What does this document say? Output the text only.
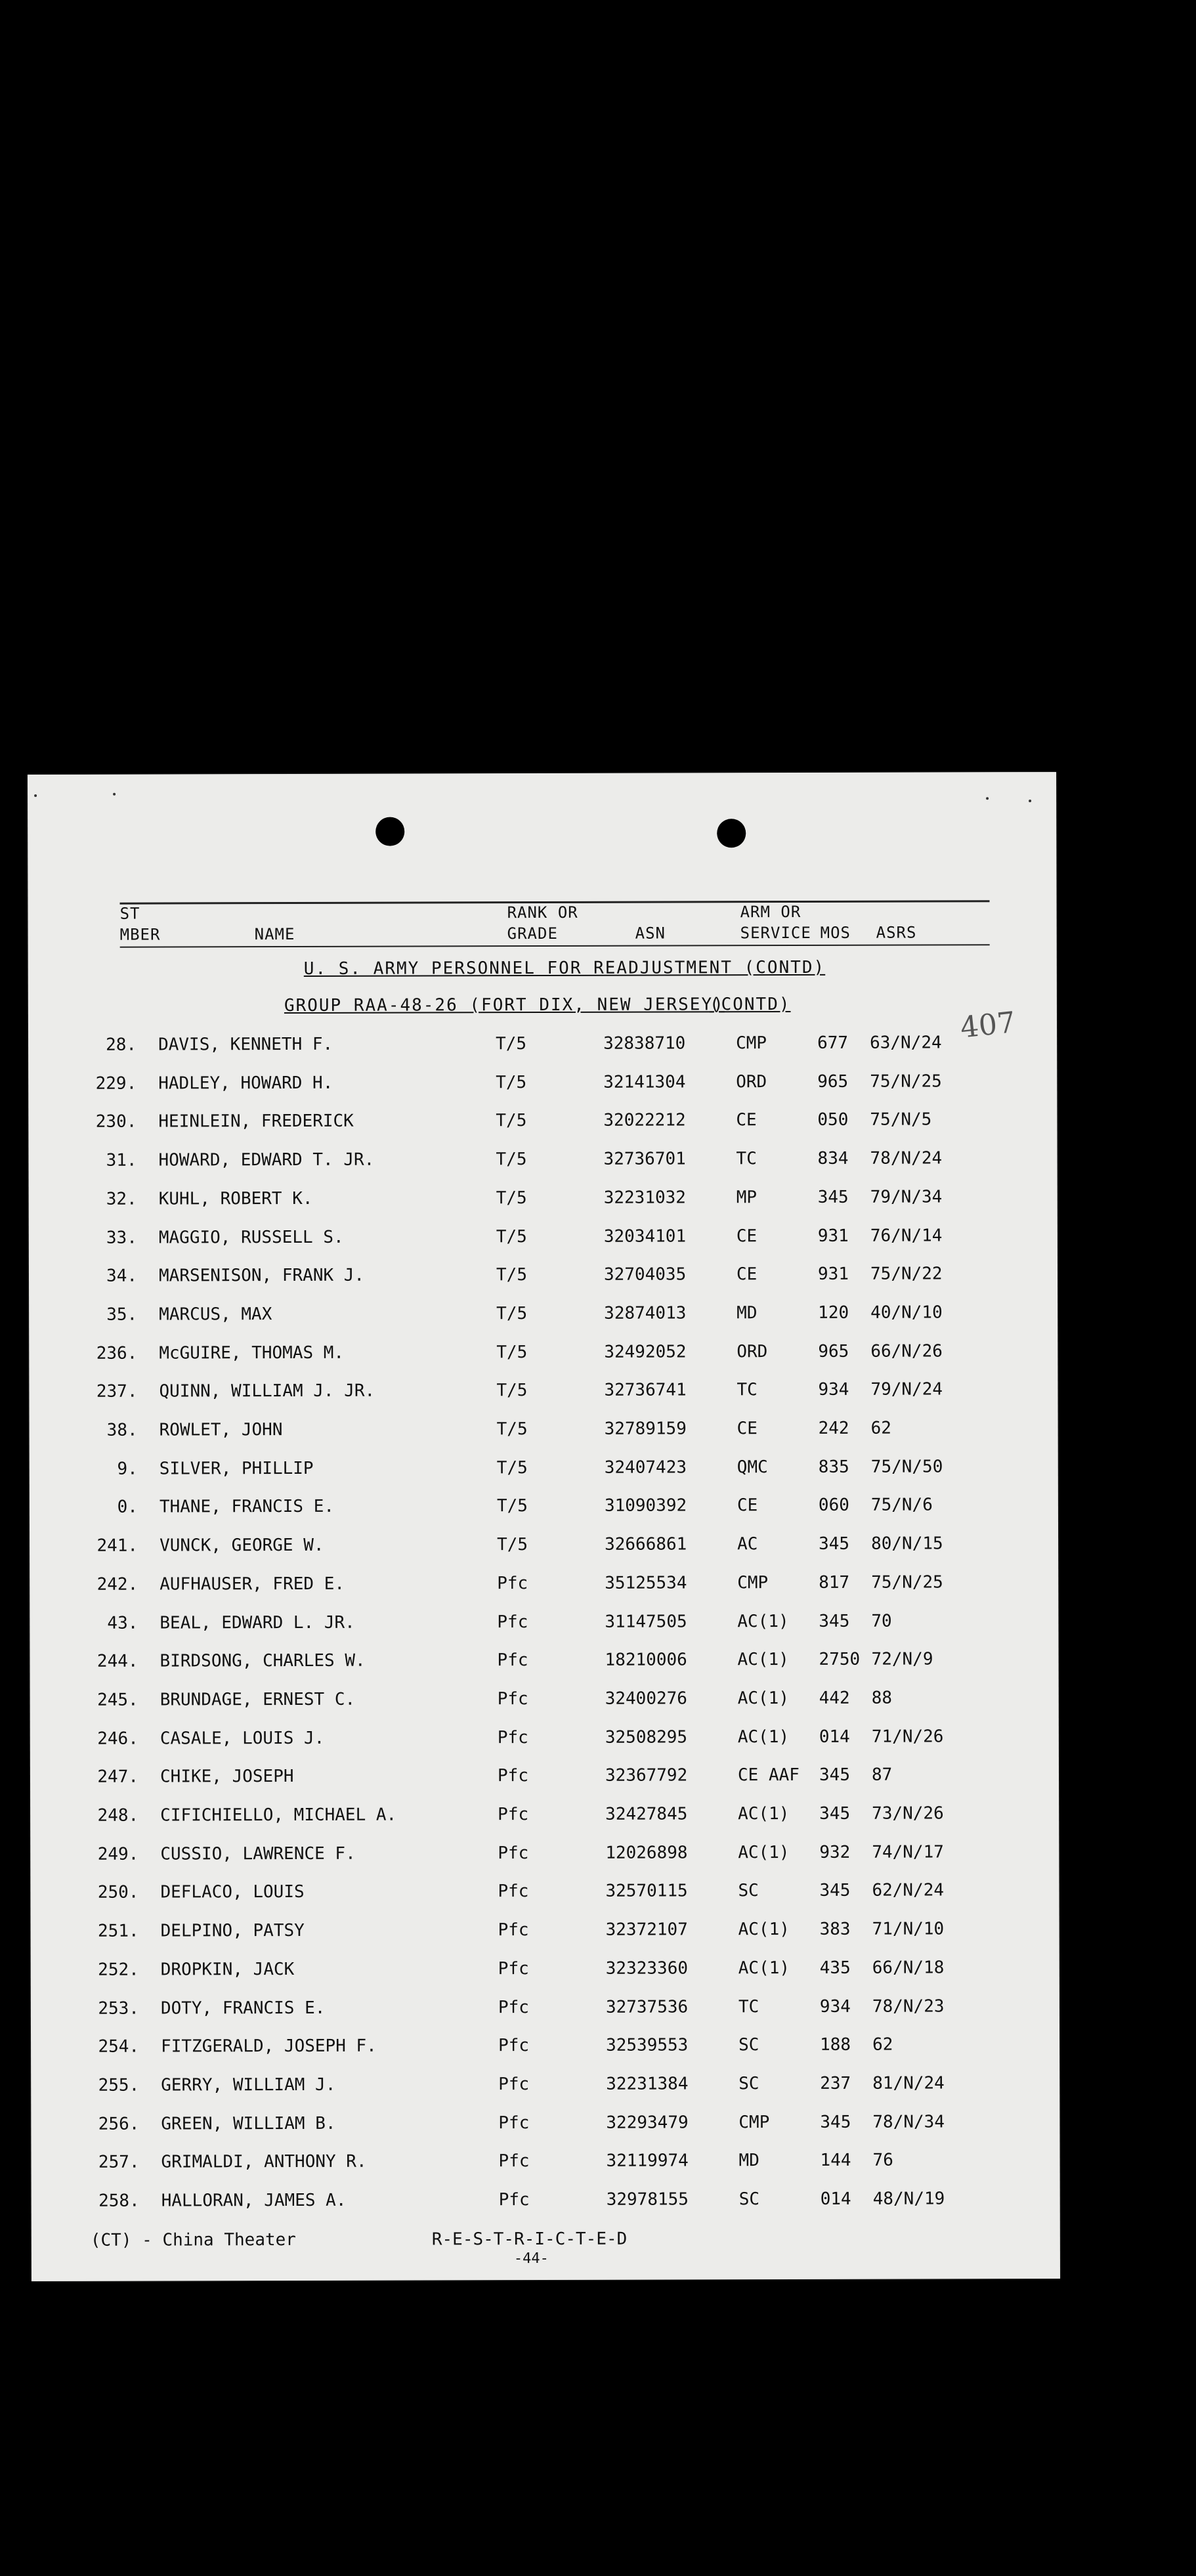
ST
MBER	NAME
RANK OR
GRADE	ASN
ARM OR
SERVICE MOS ASRS
U. S. ARMY PERSONNEL FOR READJUSTMENT (CONTD)
GROUP RAA-48-26 (FORT DIX, NEW JERSEY)
(CONTD)
407
28. DAVIS, KENNETH F.	T/5	32838710	CMP	677 63/N/24
229. HADLEY, HOWARD H.	T/5	32141304	ORD	965 75/N/25
230. HEINLEIN, FREDERICK	T/5	32022212	CE	050 75/N/5
31. HOWARD, EDWARD T. JR.	T/5	32736701	TC	834 78/N/24
32. KUHL, ROBERT K.	T/5	32231032	MP	345 79/N/34
33. MAGGIO, RUSSELL S.	T/5	32034101	CE	931 76/N/14
34. MARSENISON, FRANK J.	T/5	32704035	CE	931 75/N/22
35. MARCUS, MAX	T/5	32874013	MD	120 40/N/10
236. McGUIRE, THOMAS M.	T/5	32492052	ORD	965 66/N/26
237. QUINN, WILLIAM J. JR.	T/5	32736741	TC	934 79/N/24
38. ROWLET, JOHN	T/5	32789159	CE	242 62
9. SILVER, PHILLIP	T/5	32407423	QMC	835 75/N/50
0. THANE, FRANCIS E.	T/5	31090392	CE	060 75/N/6
241. VUNCK, GEORGE W.	T/5	32666861	AC	345 80/N/15
242. AUFHAUSER, FRED E.	Pfc	35125534	CMP	817 75/N/25
43. BEAL, EDWARD L. JR.	Pfc	31147505	AC(1) 345 70
244. BIRDSONG, CHARLES W.	Pfc	18210006	AC(1) 2750 72/N/9
245. BRUNDAGE, ERNEST C.	Pfc	32400276	AC(1) 442 88
246. CASALE, LOUIS J.	Pfc	32508295	AC(1) 014 71/N/26
247. CHIKE, JOSEPH	Pfc	32367792	CE AAF 345 87
248. CIFICHIELLO, MICHAEL A.	Pfc	32427845	AC(1) 345 73/N/26
249. CUSSIO, LAWRENCE F.	Pfc	12026898	AC(1) 932 74/N/17
250. DEFLACO, LOUIS	Pfc	32570115	SC	345 62/N/24
251. DELPINO, PATSY	Pfc	32372107	AC(1) 383 71/N/10
252. DROPKIN, JACK	Pfc	32323360	AC(1) 435 66/N/18
253. DOTY, FRANCIS E.	Pfc	32737536	TC	934 78/N/23
254. FITZGERALD, JOSEPH F.	Pfc	32539553	SC	188 62
255. GERRY, WILLIAM J.	Pfc	32231384	SC	237 81/N/24
256. GREEN, WILLIAM B.	Pfc	32293479	CMP	345 78/N/34
257. GRIMALDI, ANTHONY R.	Pfc	32119974	MD	144 76
258. HALLORAN, JAMES A.	Pfc	32978155	SC	014 48/N/19
(CT) - China Theater	R-E-S-T-R-I-C-T-E-D
-44-
